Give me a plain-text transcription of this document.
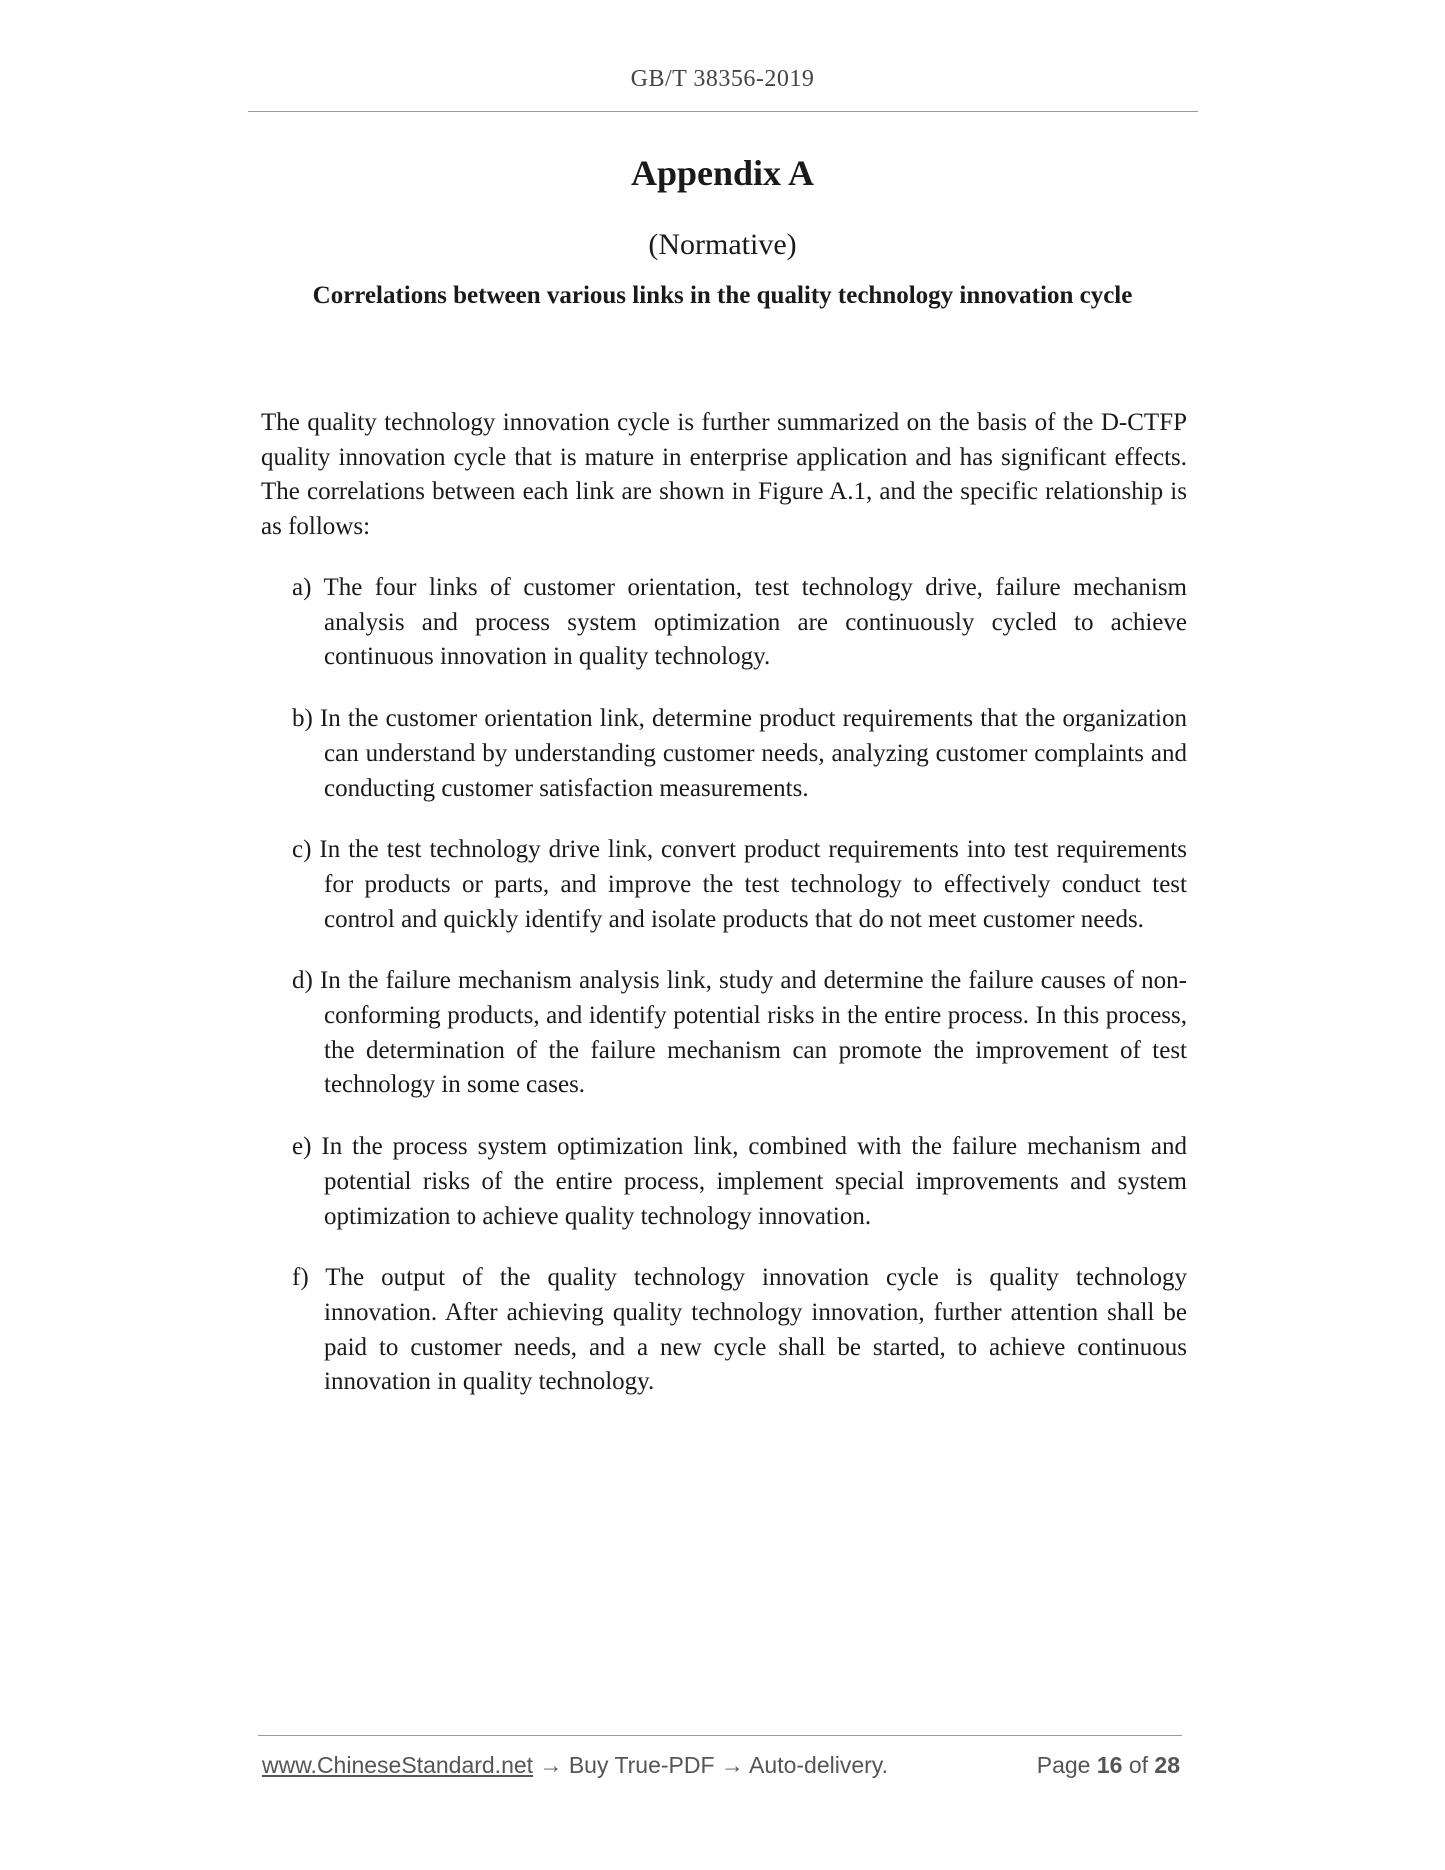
GB/T 38356-2019
Appendix A
(Normative)
Correlations between various links in the quality technology innovation cycle
The quality technology innovation cycle is further summarized on the basis of the D-CTFP quality innovation cycle that is mature in enterprise application and has significant effects. The correlations between each link are shown in Figure A.1, and the specific relationship is as follows:

a) The four links of customer orientation, test technology drive, failure mechanism analysis and process system optimization are continuously cycled to achieve continuous innovation in quality technology.

b) In the customer orientation link, determine product requirements that the organization can understand by understanding customer needs, analyzing customer complaints and conducting customer satisfaction measurements.

c) In the test technology drive link, convert product requirements into test requirements for products or parts, and improve the test technology to effectively conduct test control and quickly identify and isolate products that do not meet customer needs.

d) In the failure mechanism analysis link, study and determine the failure causes of non-conforming products, and identify potential risks in the entire process. In this process, the determination of the failure mechanism can promote the improvement of test technology in some cases.

e) In the process system optimization link, combined with the failure mechanism and potential risks of the entire process, implement special improvements and system optimization to achieve quality technology innovation.

f) The output of the quality technology innovation cycle is quality technology innovation. After achieving quality technology innovation, further attention shall be paid to customer needs, and a new cycle shall be started, to achieve continuous innovation in quality technology.

www.ChineseStandard.net → Buy True-PDF → Auto-delivery.	Page 16 of 28
